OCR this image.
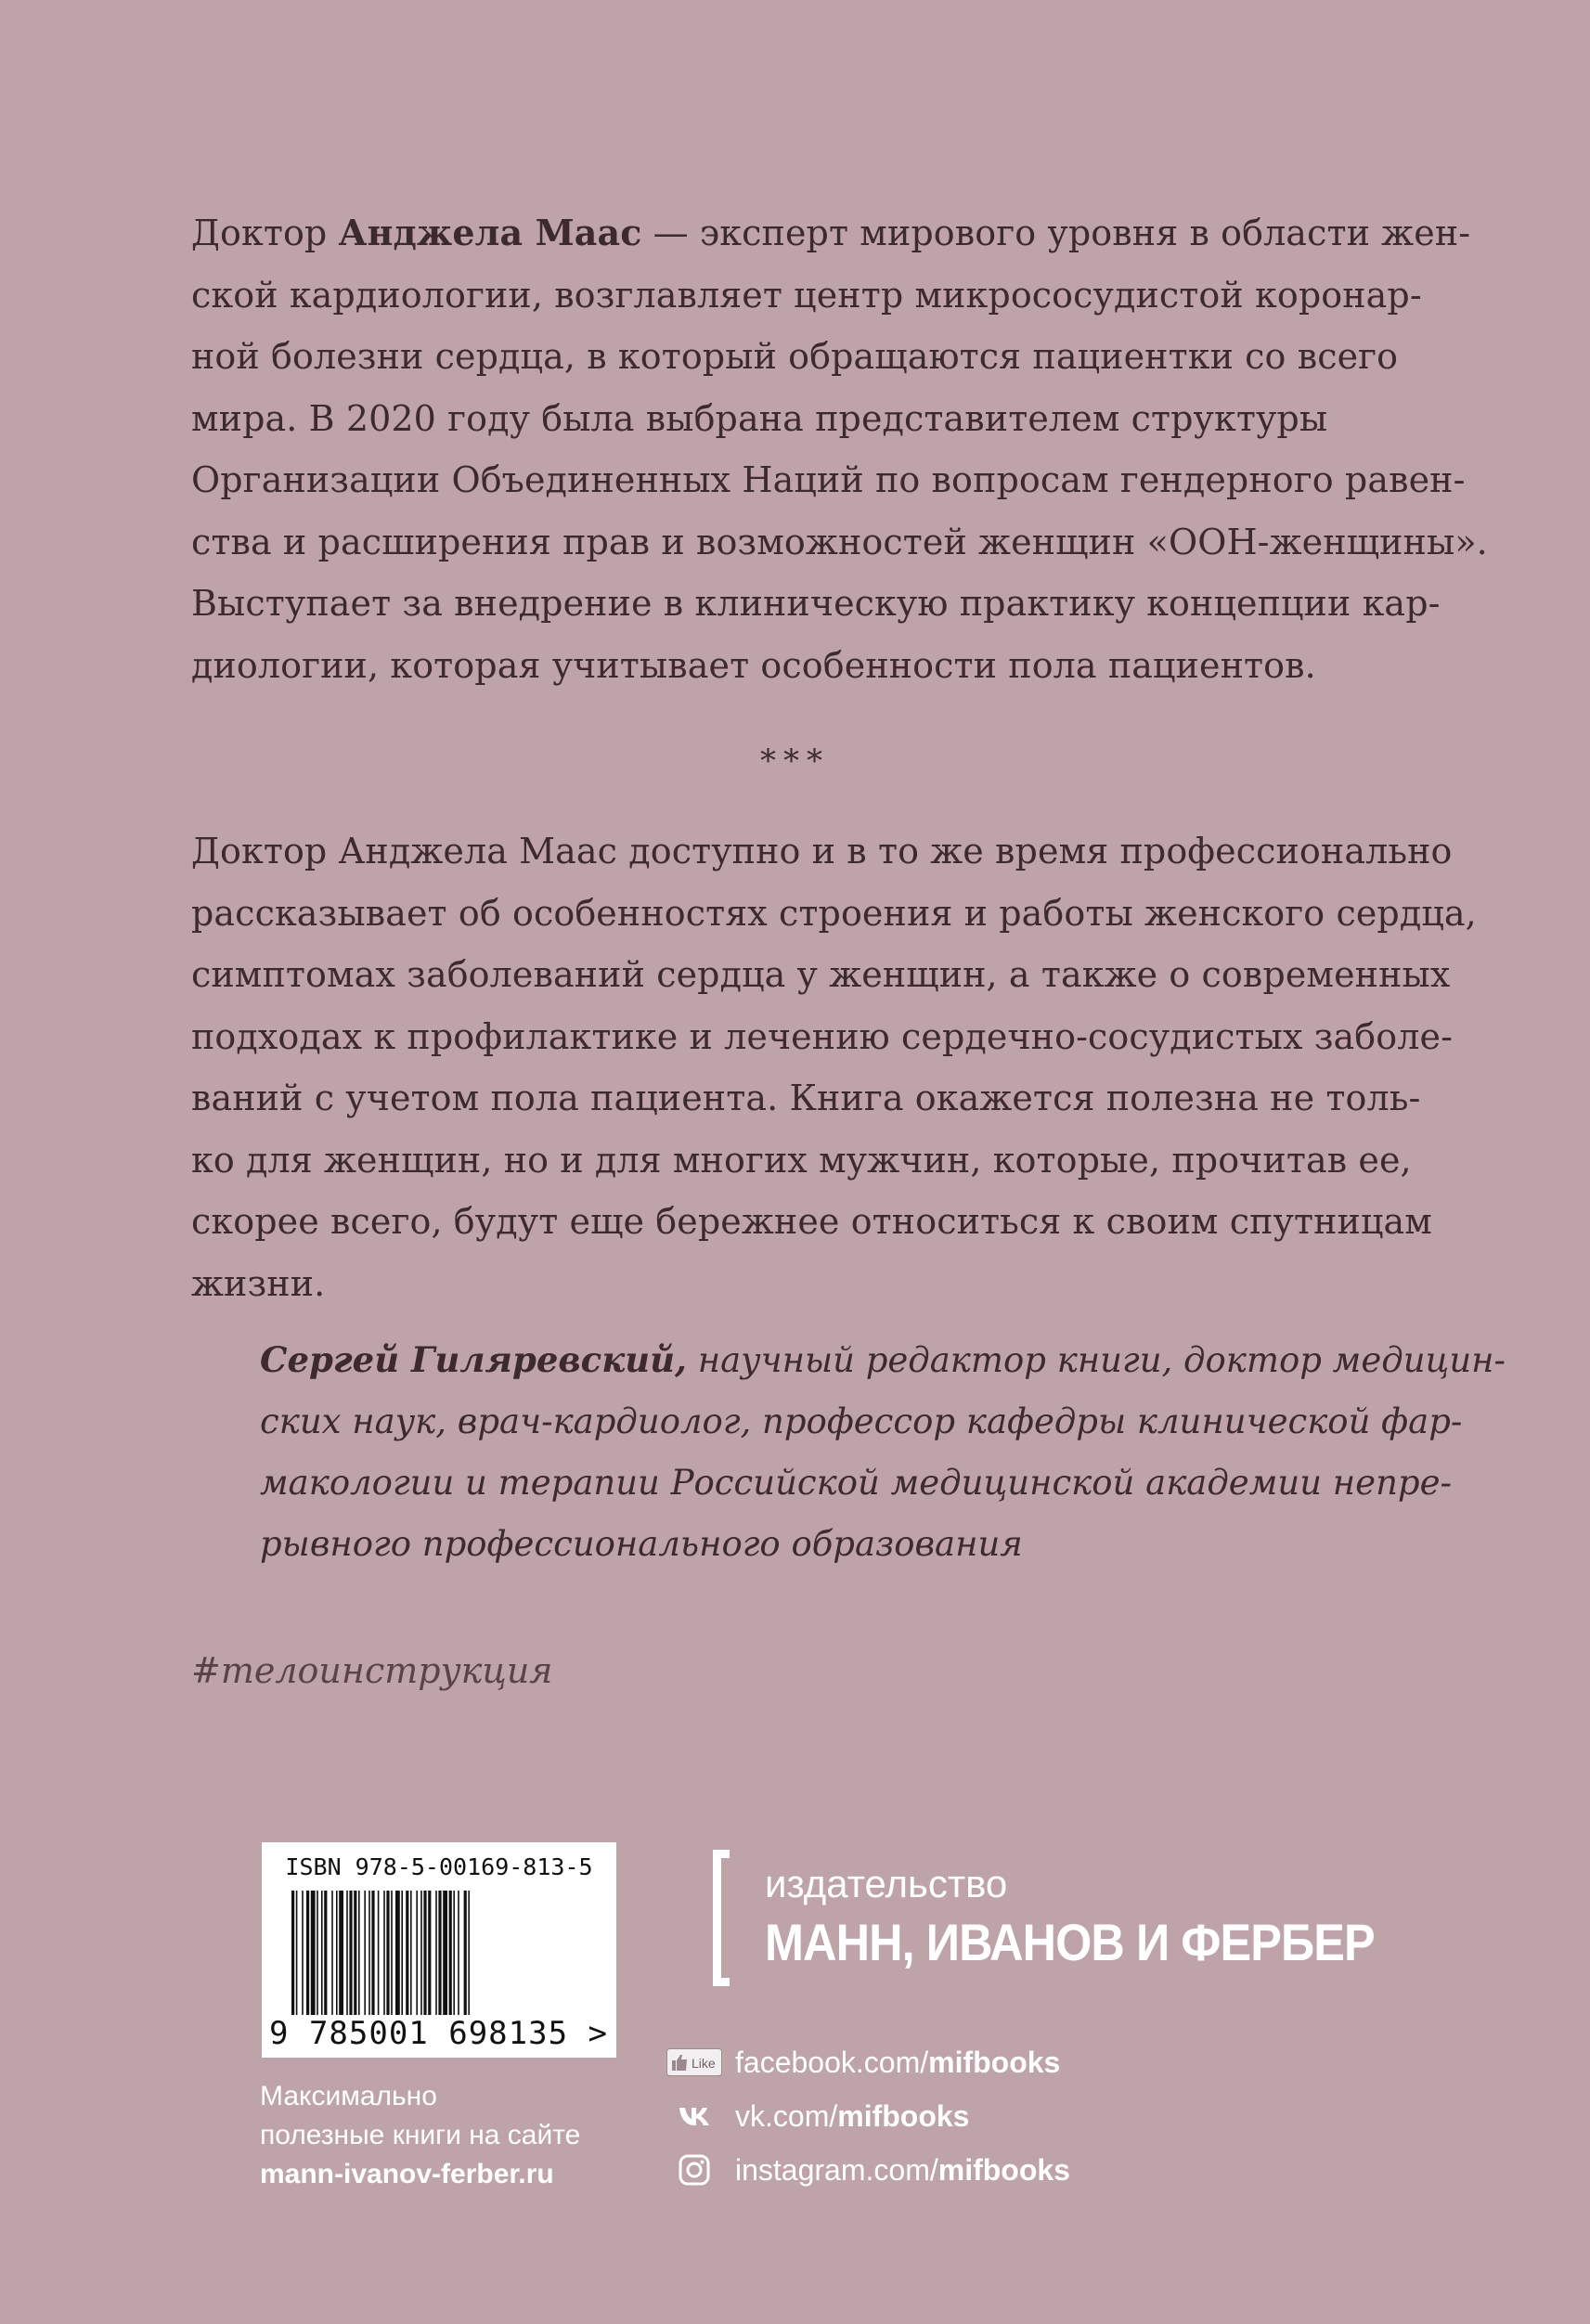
Доктор Анджела Маас — эксперт мирового уровня в области жен-
ской кардиологии, возглавляет центр микрососудистой коронар-
ной болезни сердца, в который обращаются пациентки со всего
мира. В 2020 году была выбрана представителем структуры
Организации Объединенных Наций по вопросам гендерного равен-
ства и расширения прав и возможностей женщин «ООН-женщины».
Выступает за внедрение в клиническую практику концепции кар-
диологии, которая учитывает особенности пола пациентов.
***
Доктор Анджела Маас доступно и в то же время профессионально
рассказывает об особенностях строения и работы женского сердца,
симптомах заболеваний сердца у женщин, а также о современных
подходах к профилактике и лечению сердечно-сосудистых заболе-
ваний с учетом пола пациента. Книга окажется полезна не толь-
ко для женщин, но и для многих мужчин, которые, прочитав ее,
скорее всего, будут еще бережнее относиться к своим спутницам
жизни.
Сергей Гиляревский, научный редактор книги, доктор медицин-
ских наук, врач-кардиолог, профессор кафедры клинической фар-
макологии и терапии Российской медицинской академии непре-
рывного профессионального образования
#телоинструкция
ISBN 978-5-00169-813-5
9 785001 698135 >
Максимально
полезные книги на сайте
mann-ivanov-ferber.ru
издательство
МАНН, ИВАНОВ И ФЕРБЕР
Like facebook.com/mifbooks
vk.com/mifbooks
instagram.com/mifbooks
